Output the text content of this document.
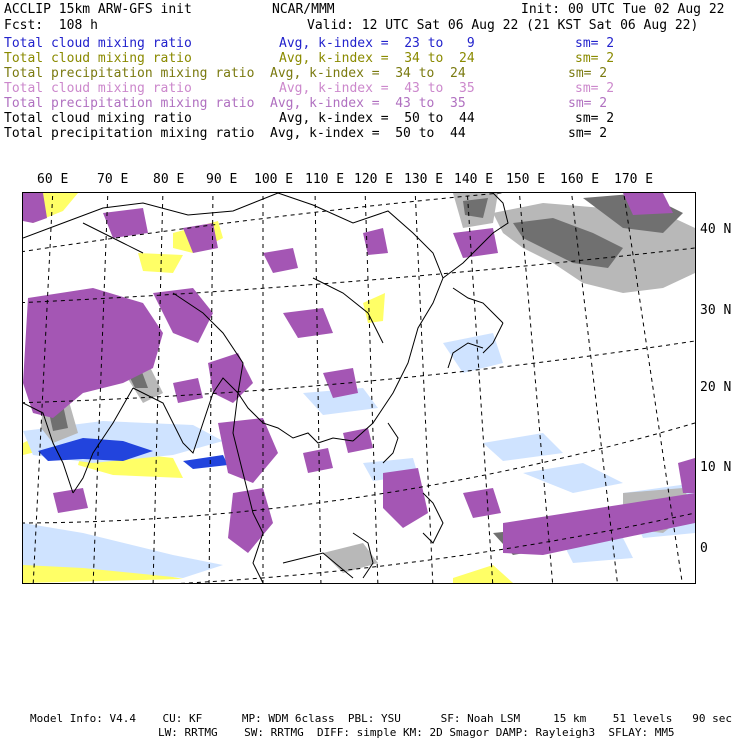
ACCLIP 15km ARW-GFS init	NCAR/MMM	Init: 00 UTC Tue 02 Aug 22
Fcst:  108 h	Valid: 12 UTC Sat 06 Aug 22 (21 KST Sat 06 Aug 22)
Total cloud mixing ratio	Avg, k-index =  23 to   9	sm= 2
Total cloud mixing ratio	Avg, k-index =  34 to  24	sm= 2
Total precipitation mixing ratio Avg, k-index =  34 to  24	sm= 2
Total cloud mixing ratio	Avg, k-index =  43 to  35	sm= 2
Total precipitation mixing ratio Avg, k-index =  43 to  35	sm= 2
Total cloud mixing ratio	Avg, k-index =  50 to  44	sm= 2
Total precipitation mixing ratio Avg, k-index =  50 to  44	sm= 2
60 E 70 E 80 E 90 E 100 E 110 E 120 E 130 E 140 E 150 E 160 E 170 E
40 N
30 N
20 N
10 N
0
Model Info: V4.4    CU: KF      MP: WDM 6class  PBL: YSU      SF: Noah LSM     15 km    51 levels   90 sec
LW: RRTMG    SW: RRTMG  DIFF: simple KM: 2D Smagor DAMP: Rayleigh3  SFLAY: MM5
